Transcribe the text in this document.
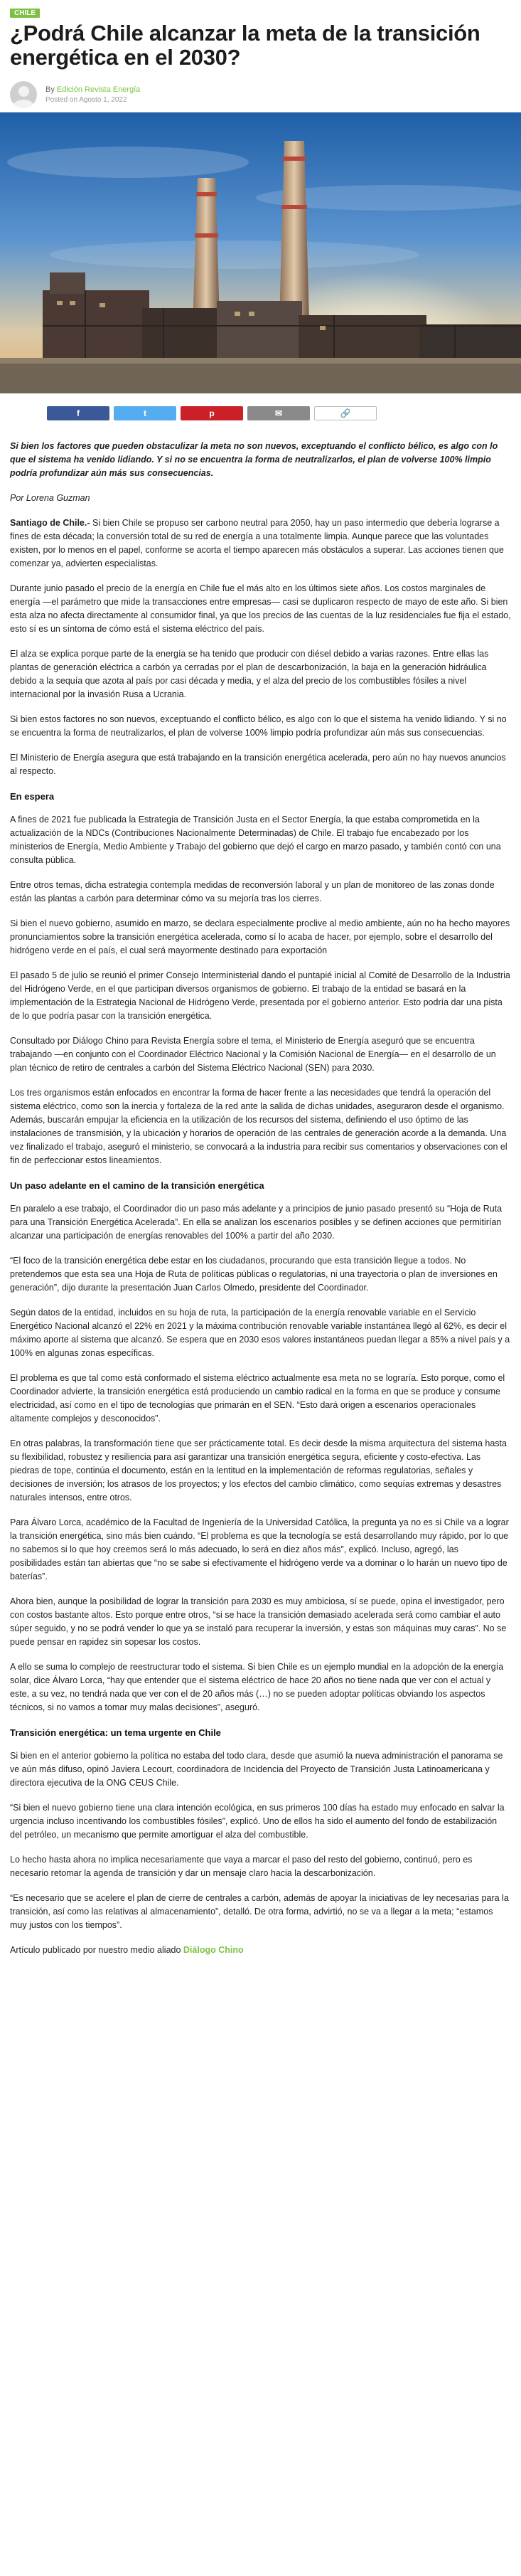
CHILE
¿Podrá Chile alcanzar la meta de la transición energética en el 2030?
By Edición Revista Energía
Posted on Agosto 1, 2022
f	t	p	✉	🔗

Si bien los factores que pueden obstaculizar la meta no son nuevos, exceptuando el conflicto bélico, es algo con lo que el sistema ha venido lidiando. Y si no se encuentra la forma de neutralizarlos, el plan de volverse 100% limpio podría profundizar aún más sus consecuencias.

Por Lorena Guzman

Santiago de Chile.- Si bien Chile se propuso ser carbono neutral para 2050, hay un paso intermedio que debería lograrse a fines de esta década; la conversión total de su red de energía a una totalmente limpia. Aunque parece que las voluntades existen, por lo menos en el papel, conforme se acorta el tiempo aparecen más obstáculos a superar. Las acciones tienen que comenzar ya, advierten especialistas.

Durante junio pasado el precio de la energía en Chile fue el más alto en los últimos siete años. Los costos marginales de energía —el parámetro que mide la transacciones entre empresas— casi se duplicaron respecto de mayo de este año. Si bien esta alza no afecta directamente al consumidor final, ya que los precios de las cuentas de la luz residenciales fue fija el estado, esto sí es un síntoma de cómo está el sistema eléctrico del país.

El alza se explica porque parte de la energía se ha tenido que producir con diésel debido a varias razones. Entre ellas las plantas de generación eléctrica a carbón ya cerradas por el plan de descarbonización, la baja en la generación hidráulica debido a la sequía que azota al país por casi década y media, y el alza del precio de los combustibles fósiles a nivel internacional por la invasión Rusa a Ucrania.

Si bien estos factores no son nuevos, exceptuando el conflicto bélico, es algo con lo que el sistema ha venido lidiando. Y si no se encuentra la forma de neutralizarlos, el plan de volverse 100% limpio podría profundizar aún más sus consecuencias.

El Ministerio de Energía asegura que está trabajando en la transición energética acelerada, pero aún no hay nuevos anuncios al respecto.

En espera

A fines de 2021 fue publicada la Estrategia de Transición Justa en el Sector Energía, la que estaba comprometida en la actualización de la NDCs (Contribuciones Nacionalmente Determinadas) de Chile. El trabajo fue encabezado por los ministerios de Energía, Medio Ambiente y Trabajo del gobierno que dejó el cargo en marzo pasado, y también contó con una consulta pública.

Entre otros temas, dicha estrategia contempla medidas de reconversión laboral y un plan de monitoreo de las zonas donde están las plantas a carbón para determinar cómo va su mejoría tras los cierres.

Si bien el nuevo gobierno, asumido en marzo, se declara especialmente proclive al medio ambiente, aún no ha hecho mayores pronunciamientos sobre la transición energética acelerada, como sí lo acaba de hacer, por ejemplo, sobre el desarrollo del hidrógeno verde en el país, el cual será mayormente destinado para exportación

El pasado 5 de julio se reunió el primer Consejo Interministerial dando el puntapié inicial al Comité de Desarrollo de la Industria del Hidrógeno Verde, en el que participan diversos organismos de gobierno. El trabajo de la entidad se basará en la implementación de la Estrategia Nacional de Hidrógeno Verde, presentada por el gobierno anterior. Esto podría dar una pista de lo que podría pasar con la transición energética.

Consultado por Diálogo Chino para Revista Energía sobre el tema, el Ministerio de Energía aseguró que se encuentra trabajando —en conjunto con el Coordinador Eléctrico Nacional y la Comisión Nacional de Energía— en el desarrollo de un plan técnico de retiro de centrales a carbón del Sistema Eléctrico Nacional (SEN) para 2030.

Los tres organismos están enfocados en encontrar la forma de hacer frente a las necesidades que tendrá la operación del sistema eléctrico, como son la inercia y fortaleza de la red ante la salida de dichas unidades, aseguraron desde el organismo. Además, buscarán empujar la eficiencia en la utilización de los recursos del sistema, definiendo el uso óptimo de las instalaciones de transmisión, y la ubicación y horarios de operación de las centrales de generación acorde a la demanda. Una vez finalizado el trabajo, aseguró el ministerio, se convocará a la industria para recibir sus comentarios y observaciones con el fin de perfeccionar estos lineamientos.

Un paso adelante en el camino de la transición energética

En paralelo a ese trabajo, el Coordinador dio un paso más adelante y a principios de junio pasado presentó su “Hoja de Ruta para una Transición Energética Acelerada”. En ella se analizan los escenarios posibles y se definen acciones que permitirían alcanzar una participación de energías renovables del 100% a partir del año 2030.

“El foco de la transición energética debe estar en los ciudadanos, procurando que esta transición llegue a todos. No pretendemos que esta sea una Hoja de Ruta de políticas públicas o regulatorias, ni una trayectoria o plan de inversiones en generación”, dijo durante la presentación Juan Carlos Olmedo, presidente del Coordinador.

Según datos de la entidad, incluidos en su hoja de ruta, la participación de la energía renovable variable en el Servicio Energético Nacional alcanzó el 22% en 2021 y la máxima contribución renovable variable instantánea llegó al 62%, es decir el máximo aporte al sistema que alcanzó. Se espera que en 2030 esos valores instantáneos puedan llegar a 85% a nivel país y a 100% en algunas zonas específicas.

El problema es que tal como está conformado el sistema eléctrico actualmente esa meta no se lograría. Esto porque, como el Coordinador advierte, la transición energética está produciendo un cambio radical en la forma en que se produce y consume electricidad, así como en el tipo de tecnologías que primarán en el SEN. “Esto dará origen a escenarios operacionales altamente complejos y desconocidos”.

En otras palabras, la transformación tiene que ser prácticamente total. Es decir desde la misma arquitectura del sistema hasta su flexibilidad, robustez y resiliencia para así garantizar una transición energética segura, eficiente y costo-efectiva. Las piedras de tope, continúa el documento, están en la lentitud en la implementación de reformas regulatorias, señales y decisiones de inversión; los atrasos de los proyectos; y los efectos del cambio climático, como sequías extremas y desastres naturales intensos, entre otros.

Para Álvaro Lorca, académico de la Facultad de Ingeniería de la Universidad Católica, la pregunta ya no es si Chile va a lograr la transición energética, sino más bien cuándo. “El problema es que la tecnología se está desarrollando muy rápido, por lo que no sabemos si lo que hoy creemos será lo más adecuado, lo será en diez años más”, explicó. Incluso, agregó, las posibilidades están tan abiertas que “no se sabe si efectivamente el hidrógeno verde va a dominar o lo harán un nuevo tipo de baterías”.

Ahora bien, aunque la posibilidad de lograr la transición para 2030 es muy ambiciosa, sí se puede, opina el investigador, pero con costos bastante altos. Esto porque entre otros, “si se hace la transición demasiado acelerada será como cambiar el auto súper seguido, y no se podrá vender lo que ya se instaló para recuperar la inversión, y estas son máquinas muy caras”. No se puede pensar en rapidez sin sopesar los costos.

A ello se suma lo complejo de reestructurar todo el sistema. Si bien Chile es un ejemplo mundial en la adopción de la energía solar, dice Álvaro Lorca, “hay que entender que el sistema eléctrico de hace 20 años no tiene nada que ver con el actual y este, a su vez, no tendrá nada que ver con el de 20 años más (…) no se pueden adoptar políticas obviando los aspectos técnicos, si no vamos a tomar muy malas decisiones”, aseguró.

Transición energética: un tema urgente en Chile

Si bien en el anterior gobierno la política no estaba del todo clara, desde que asumió la nueva administración el panorama se ve aún más difuso, opinó Javiera Lecourt, coordinadora de Incidencia del Proyecto de Transición Justa Latinoamericana y directora ejecutiva de la ONG CEUS Chile.

“Si bien el nuevo gobierno tiene una clara intención ecológica, en sus primeros 100 días ha estado muy enfocado en salvar la urgencia incluso incentivando los combustibles fósiles”, explicó. Uno de ellos ha sido el aumento del fondo de estabilización del petróleo, un mecanismo que permite amortiguar el alza del combustible.

Lo hecho hasta ahora no implica necesariamente que vaya a marcar el paso del resto del gobierno, continuó, pero es necesario retomar la agenda de transición y dar un mensaje claro hacia la descarbonización.

“Es necesario que se acelere el plan de cierre de centrales a carbón, además de apoyar la iniciativas de ley necesarias para la transición, así como las relativas al almacenamiento”, detalló. De otra forma, advirtió, no se va a llegar a la meta; “estamos muy justos con los tiempos”.

Artículo publicado por nuestro medio aliado Diálogo Chino
